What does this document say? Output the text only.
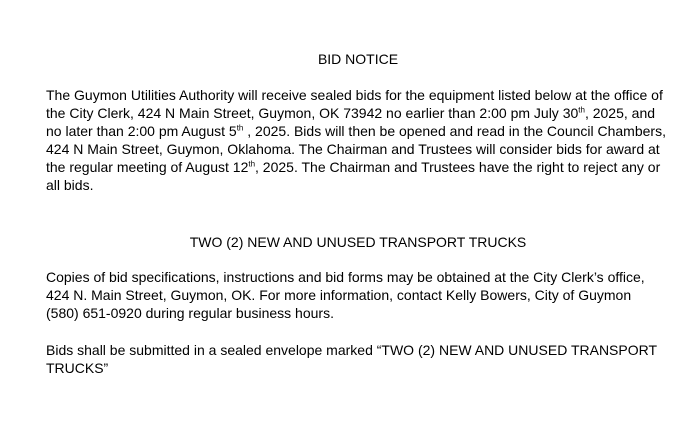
BID NOTICE

The Guymon Utilities Authority will receive sealed bids for the equipment listed below at the office of the City Clerk, 424 N Main Street, Guymon, OK 73942 no earlier than 2:00 pm July 30th, 2025, and no later than 2:00 pm August 5th , 2025. Bids will then be opened and read in the Council Chambers, 424 N Main Street, Guymon, Oklahoma. The Chairman and Trustees will consider bids for award at the regular meeting of August 12th, 2025. The Chairman and Trustees have the right to reject any or all bids.

TWO (2) NEW AND UNUSED TRANSPORT TRUCKS

Copies of bid specifications, instructions and bid forms may be obtained at the City Clerk’s office, 424 N. Main Street, Guymon, OK. For more information, contact Kelly Bowers, City of Guymon (580) 651-0920 during regular business hours.

Bids shall be submitted in a sealed envelope marked “TWO (2) NEW AND UNUSED TRANSPORT TRUCKS”
